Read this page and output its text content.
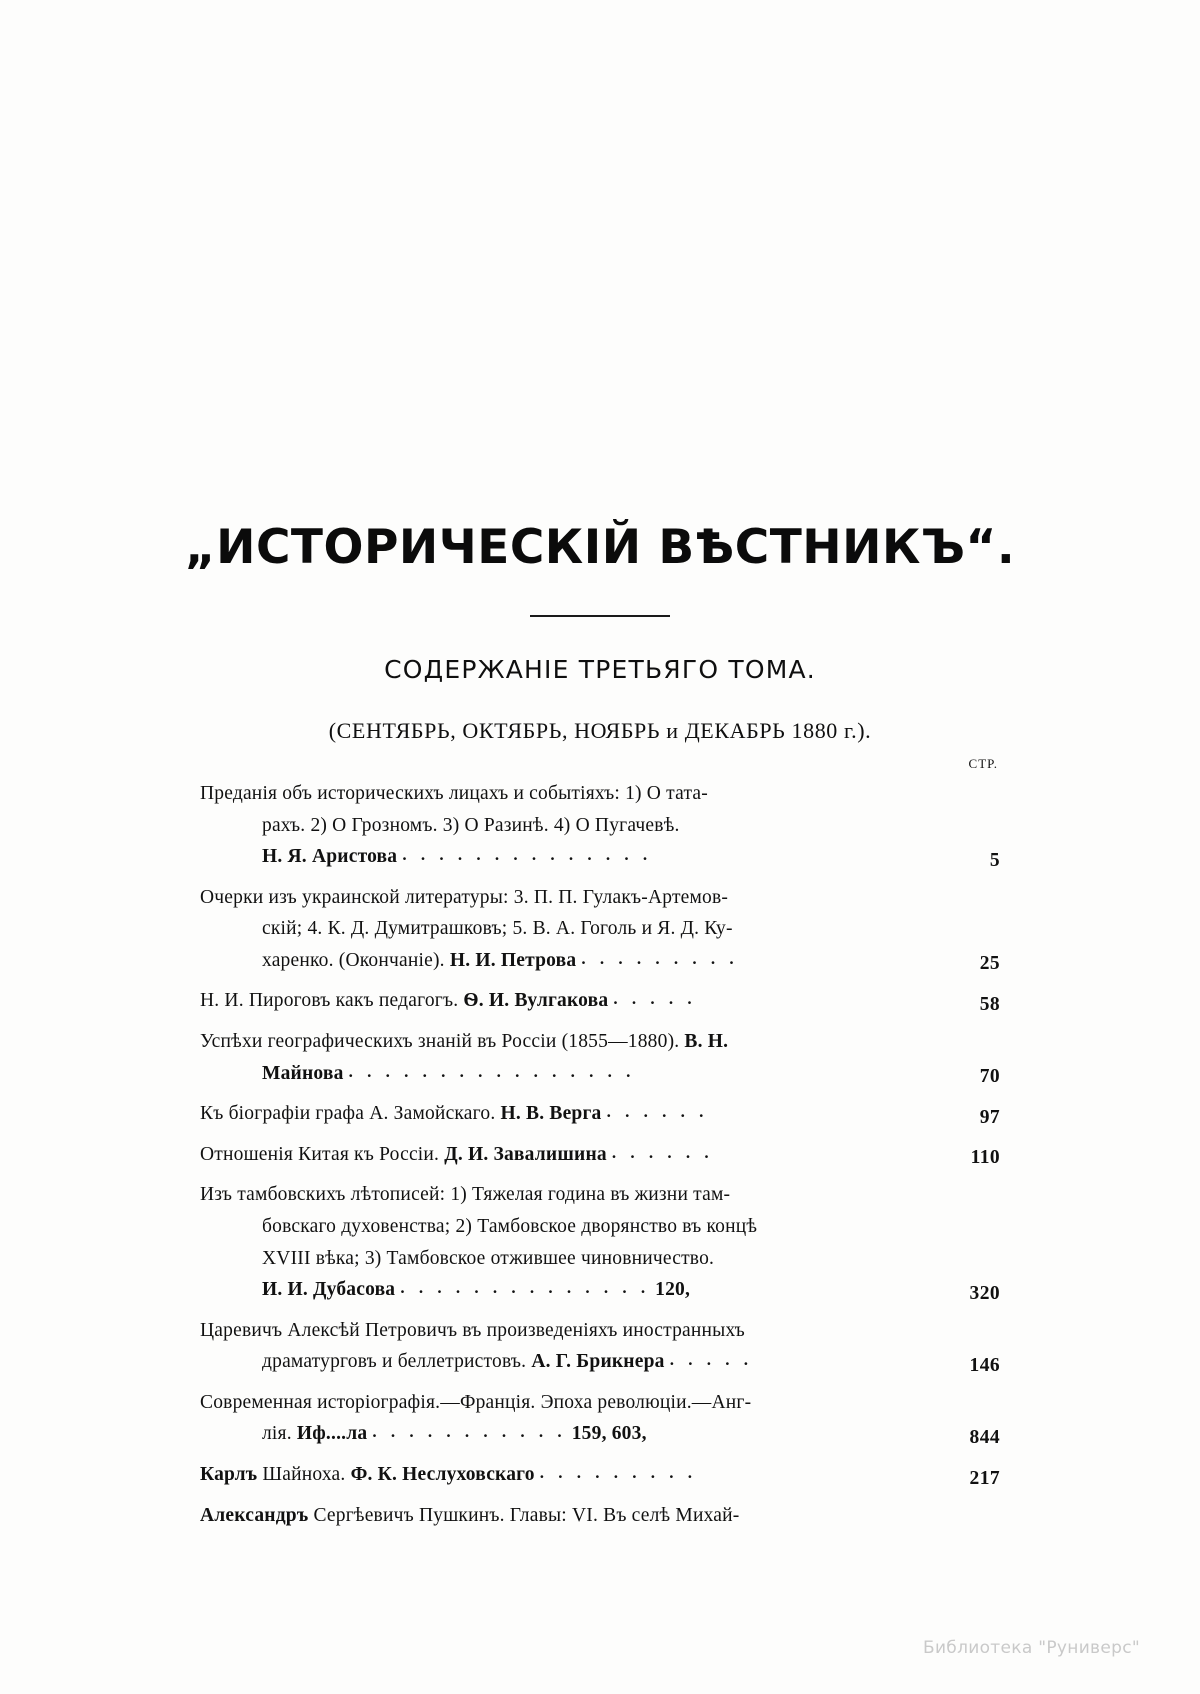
„ИСТОРИЧЕСКІЙ ВѢСТНИКЪ“.
СОДЕРЖАНІЕ ТРЕТЬЯГО ТОМА.
(СЕНТЯБРЬ, ОКТЯБРЬ, НОЯБРЬ и ДЕКАБРЬ 1880 г.).
СТР.
Преданія объ историческихъ лицахъ и событіяхъ: 1) О тата-
рахъ. 2) О Грозномъ. 3) О Разинѣ. 4) О Пугачевѣ.
Н. Я. Аристова . . . . . . . . . . . . . .	5
Очерки изъ украинской литературы: 3. П. П. Гулакъ-Артемов-
скій; 4. К. Д. Думитрашковъ; 5. В. А. Гоголь и Я. Д. Ку-
харенко. (Окончаніе). Н. И. Петрова . . . . . . . . .	25
Н. И. Пироговъ какъ педагогъ. Ѳ. И. Вулгакова . . . . .	58
Успѣхи географическихъ знаній въ Россіи (1855—1880). В. Н.
Майнова . . . . . . . . . . . . . . . .	70
Къ біографіи графа А. Замойскаго. Н. В. Верга . . . . . .	97
Отношенія Китая къ Россіи. Д. И. Завалишина . . . . . .	110
Изъ тамбовскихъ лѣтописей: 1) Тяжелая година въ жизни там-
бовскаго духовенства; 2) Тамбовское дворянство въ концѣ
XVIII вѣка; 3) Тамбовское отжившее чиновничество.
И. И. Дубасова . . . . . . . . . . . . . . 120,	320
Царевичъ Алексѣй Петровичъ въ произведеніяхъ иностранныхъ
драматурговъ и беллетристовъ. А. Г. Брикнера . . . . .	146
Современная исторіографія.—Франція. Эпоха революціи.—Анг-
лія. Иф....ла . . . . . . . . . . . 159, 603,	844
Карлъ Шайноха. Ф. К. Неслуховскаго . . . . . . . . .	217
Александръ Сергѣевичъ Пушкинъ. Главы: VI. Въ селѣ Михай-
Библиотека "Руниверс"
